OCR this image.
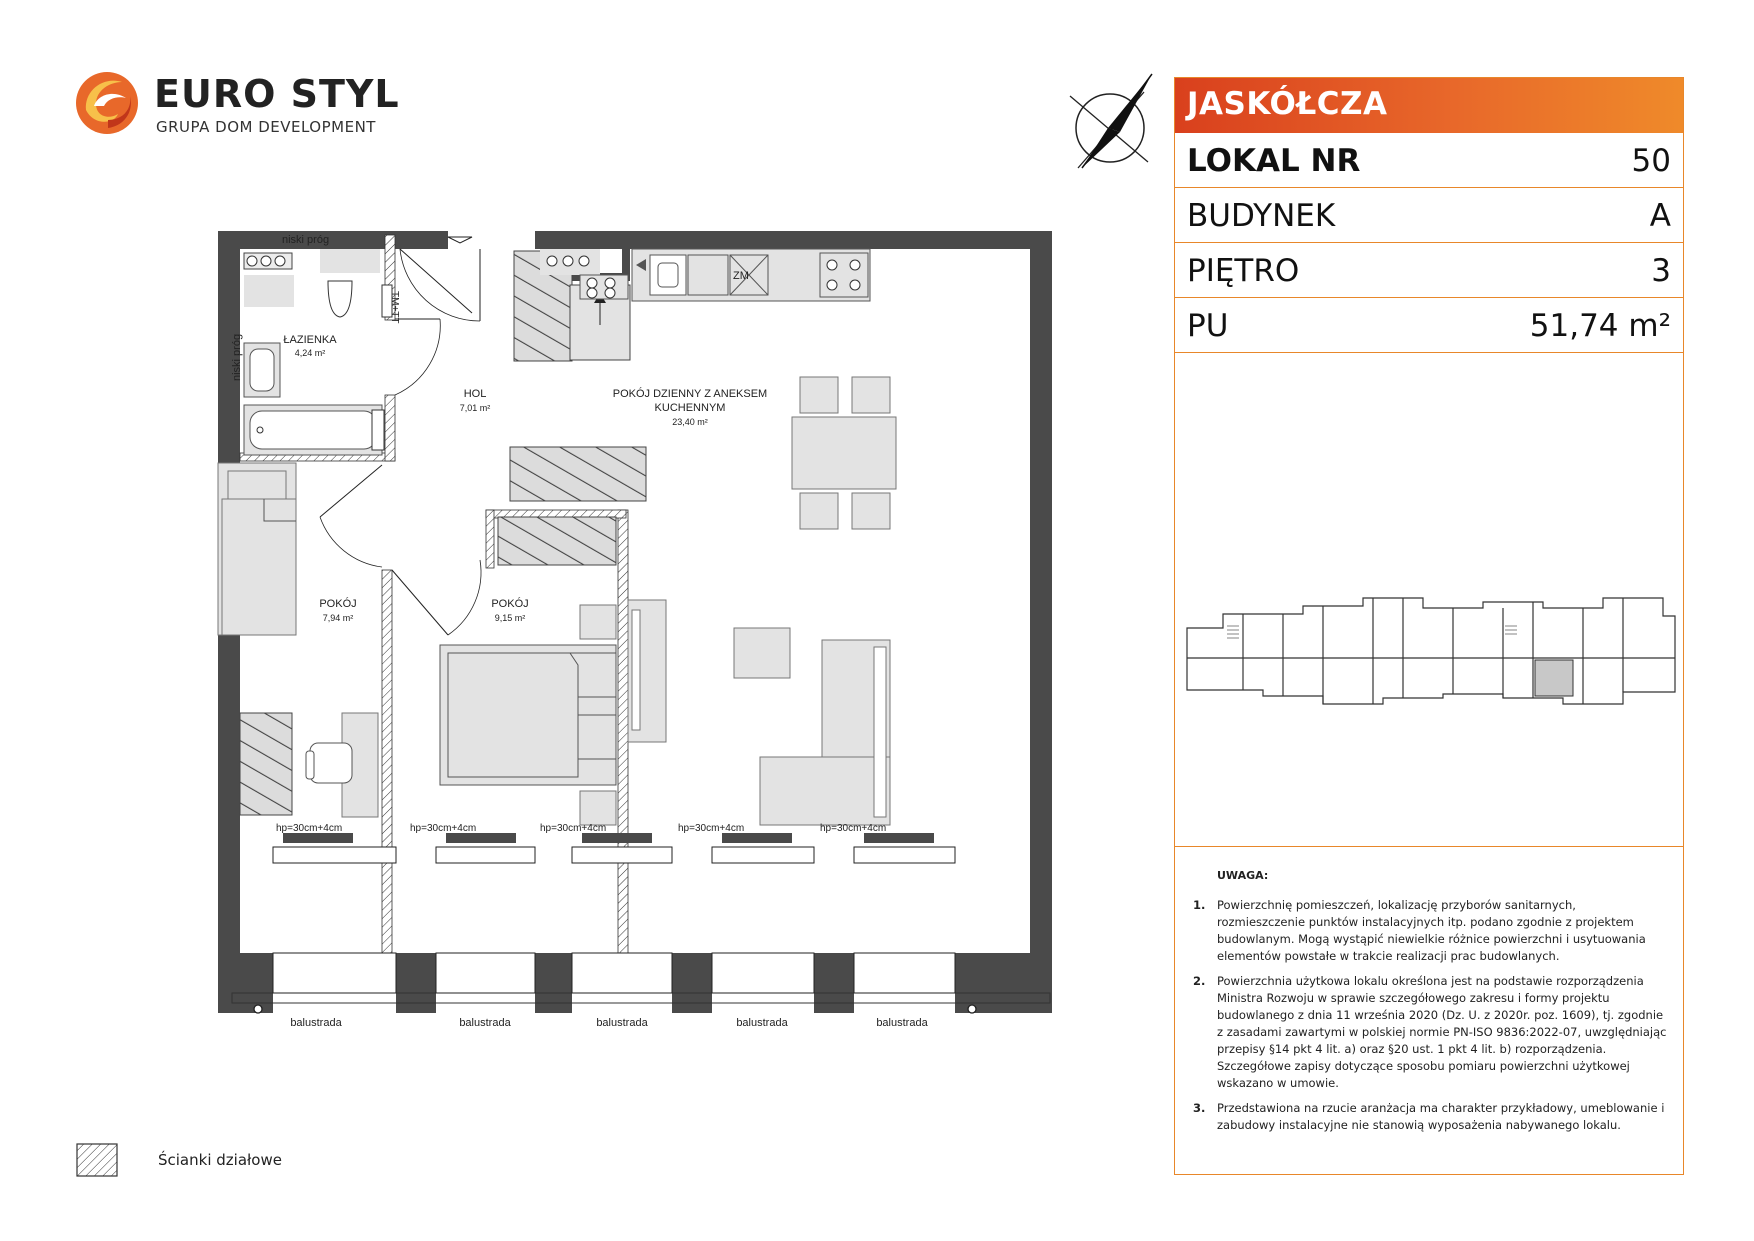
EURO STYL
GRUPA DOM DEVELOPMENT
ZM
ŁAZIENKA
4,24 m²
HOL
7,01 m²
POKÓJ DZIENNY Z ANEKSEM
KUCHENNYM
23,40 m²
POKÓJ
7,94 m²
POKÓJ
9,15 m²
niski próg
niski próg
TM+TT
hp=30cm+4cm	hp=30cm+4cm	hp=30cm+4cm	hp=30cm+4cm	hp=30cm+4cm
balustrada	balustrada	balustrada	balustrada	balustrada
Ścianki działowe
JASKÓŁCZA
LOKAL NR	50
BUDYNEK	A
PIĘTRO	3
PU	51,74 m²
UWAGA:
1. Powierzchnię pomieszczeń, lokalizację przyborów sanitarnych, rozmieszczenie punktów instalacyjnych itp. podano zgodnie z projektem budowlanym. Mogą wystąpić niewielkie różnice powierzchni i usytuowania elementów powstałe w trakcie realizacji prac budowlanych.
2. Powierzchnia użytkowa lokalu określona jest na podstawie rozporządzenia Ministra Rozwoju w sprawie szczegółowego zakresu i formy projektu budowlanego z dnia 11 września 2020 (Dz. U. z 2020r. poz. 1609), tj. zgodnie z zasadami zawartymi w polskiej normie PN-ISO 9836:2022-07, uwzględniając przepisy §14 pkt 4 lit. a) oraz §20 ust. 1 pkt 4 lit. b) rozporządzenia. Szczegółowe zapisy dotyczące sposobu pomiaru powierzchni użytkowej wskazano w umowie.
3. Przedstawiona na rzucie aranżacja ma charakter przykładowy, umeblowanie i zabudowy instalacyjne nie stanowią wyposażenia nabywanego lokalu.
